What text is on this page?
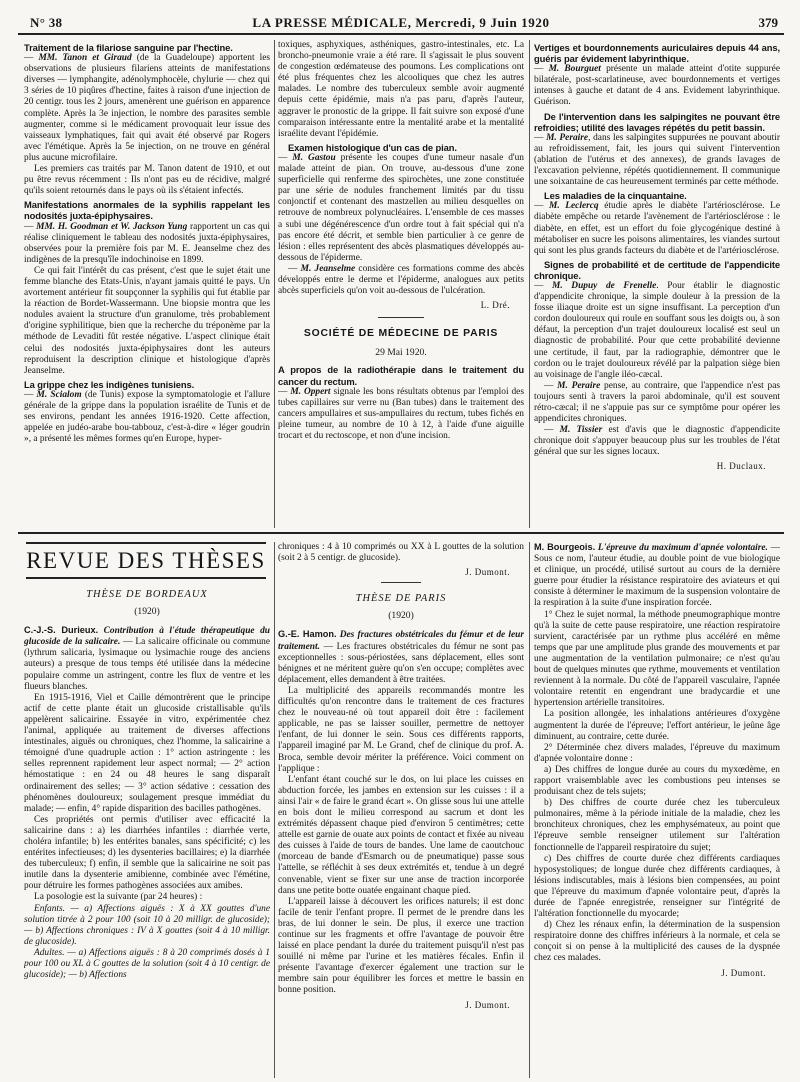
N° 38	LA PRESSE MÉDICALE, Mercredi, 9 Juin 1920	379

Traitement de la filariose sanguine par l'hectine.

— MM. Tanon et Giraud (de la Guadeloupe) apportent les observations de plusieurs filariens atteints de manifestations diverses — lymphangite, adénolymphocèle, chylurie — chez qui 3 séries de 10 piqûres d'hectine, faites à raison d'une injection de 20 centigr. tous les 2 jours, amenèrent une guérison en apparence complète. Après la 3e injection, le nombre des parasites semble augmenter, comme si le médicament provoquait leur issue des vaisseaux lymphatiques, fait qui avait été observé par Rogers avec l'émétique. Après la 5e injection, on ne trouve en général plus aucune microfilaire.

Les premiers cas traités par M. Tanon datent de 1910, et out pu être revus récemment : Ils n'ont pas eu de récidive, malgré qu'ils soient retournés dans le pays où ils s'étaient infectés.

Manifestations anormales de la syphilis rappelant les nodosités juxta-épiphysaires.

— MM. H. Goodman et W. Jackson Yung rapportent un cas qui réalise cliniquement le tableau des nodosités juxta-épiphysaires, observées pour la première fois par M. E. Jeanselme chez des indigènes de la presqu'île indochinoise en 1899.

Ce qui fait l'intérêt du cas présent, c'est que le sujet était une femme blanche des Etats-Unis, n'ayant jamais quitté le pays. Un avortement antérieur fit soupçonner la syphilis qui fut établie par la réaction de Bordet-Wassermann. Une biopsie montra que les nodules avaient la structure d'un granulome, très probablement d'origine syphilitique, bien que la recherche du tréponème par la méthode de Levaditi fût restée négative. L'aspect clinique était celui des nodosités juxta-épiphysaires dont les auteurs reproduisent la description clinique et histologique d'après Jeanselme.

La grippe chez les indigènes tunisiens.

— M. Scialom (de Tunis) expose la symptomatologie et l'allure générale de la grippe dans la population israélite de Tunis et de ses environs, pendant les années 1916-1920. Cette affection, appelée en judéo-arabe bou-tabbouz, c'est-à-dire « léger goudrin », a présenté les mêmes formes qu'en Europe, hyper-

toxiques, asphyxiques, asthéniques, gastro-intestinales, etc. La broncho-pneumonie vraie a été rare. Il s'agissait le plus souvent de congestion œdémateuse des poumons. Les complications ont été plus fréquentes chez les alcooliques que chez les autres malades. Le nombre des tuberculeux semble avoir augmenté depuis cette épidémie, mais n'a pas paru, d'après l'auteur, aggraver le pronostic de la grippe. Il fait suivre son exposé d'une comparaison intéressante entre la mentalité arabe et la mentalité israélite devant l'épidémie.

Examen histologique d'un cas de pian.

— M. Gastou présente les coupes d'une tumeur nasale d'un malade atteint de pian. On trouve, au-dessous d'une zone superficielle qui renferme des spirochètes, une zone constituée par une série de nodules franchement limités par du tissu conjonctif et contenant des mastzellen au milieu desquelles on retrouve de nombreux polynucléaires. L'ensemble de ces masses a subi une dégénérescence d'un ordre tout à fait spécial qui n'a pas encore été décrit, et semble bien particulier à ce genre de lésion : elles représentent des abcès plasmatiques développés au-dessous de l'épiderme.

— M. Jeanselme considère ces formations comme des abcès développés entre le derme et l'épiderme, analogues aux petits abcès superficiels qu'on voit au-dessous de l'ulcération.

L. Dré.

SOCIÉTÉ DE MÉDECINE DE PARIS

29 Mai 1920.

A propos de la radiothérapie dans le traitement du cancer du rectum.

— M. Oppert signale les bons résultats obtenus par l'emploi des tubes capillaires sur verre nu (Ban tubes) dans le traitement des cancers ampullaires et sus-ampullaires du rectum, tubes fichés en pleine tumeur, au nombre de 10 à 12, à l'aide d'une aiguille trocart et du rectoscope, et non d'une incision.

Vertiges et bourdonnements auriculaires depuis 44 ans, guéris par évidement labyrinthique.

— M. Bourguet présente un malade atteint d'otite suppurée bilatérale, post-scarlatineuse, avec bourdonnements et vertiges intenses à gauche et datant de 4 ans. Evidement labyrinthique. Guérison.

De l'intervention dans les salpingites ne pouvant être refroidies; utilité des lavages répétés du petit bassin.

— M. Peraire, dans les salpingites suppurées ne pouvant aboutir au refroidissement, fait, les jours qui suivent l'intervention (ablation de l'utérus et des annexes), de grands lavages de l'excavation pelvienne, répétés quotidiennement. Il communique une soixantaine de cas heureusement terminés par cette méthode.

Les maladies de la cinquantaine.

— M. Leclercq étudie après le diabète l'artériosclérose. Le diabète empêche ou retarde l'avènement de l'artériosclérose : le diabète, en effet, est un effort du foie glycogénique destiné à métaboliser en sucre les poisons alimentaires, les viandes surtout qui sont les plus grands facteurs du diabète et de l'artériosclérose.

Signes de probabilité et de certitude de l'appendicite chronique.

— M. Dupuy de Frenelle. Pour établir le diagnostic d'appendicite chronique, la simple douleur à la pression de la fosse iliaque droite est un signe insuffisant. La perception d'un cordon douloureux qui roule en souffant sous les doigts ou, à son défaut, la perception d'un trajet douloureux localisé est seul un diagnostic de probabilité. Pour que cette probabilité devienne une certitude, il faut, par la radiographie, démontrer que le cordon ou le trajet douloureux révélé par la palpation siège bien au voisinage de l'angle iléo-cæcal.

— M. Peraire pense, au contraire, que l'appendice n'est pas toujours senti à travers la paroi abdominale, qu'il est souvent rétro-cæcal; il ne s'appuie pas sur ce symptôme pour opérer les appendicites chroniques.

— M. Tissier est d'avis que le diagnostic d'appendicite chronique doit s'appuyer beaucoup plus sur les troubles de l'état général que sur les signes locaux.

H. Duclaux.

REVUE DES THÈSES

THÈSE DE BORDEAUX

(1920)

C.-J.-S. Durieux. Contribution à l'étude thérapeutique du glucoside de la salicaire. — La salicaire officinale ou commune (lythrum salicaria, lysimaque ou lysimachie rouge des anciens auteurs) a presque de tous temps été utilisée dans la médecine populaire comme un astringent, contre les flux de ventre et les flueurs blanches.

En 1915-1916, Viel et Caille démontrèrent que le principe actif de cette plante était un glucoside cristallisable qu'ils appelèrent salicairine. Essayée in vitro, expérimentée chez l'animal, appliquée au traitement de diverses affections intestinales, aiguës ou chroniques, chez l'homme, la salicairine a témoigné d'une quadruple action : 1° action astringente : les selles reprennent rapidement leur aspect normal; — 2° action hémostatique : en 24 ou 48 heures le sang disparaît ordinairement des selles; — 3° action sédative : cessation des phénomènes douloureux; soulagement presque immédiat du malade; — enfin, 4° rapide disparition des bacilles pathogènes.

Ces propriétés ont permis d'utiliser avec efficacité la salicairine dans : a) les diarrhées infantiles : diarrhée verte, choléra infantile; b) les entérites banales, sans spécificité; c) les entérites infectieuses; d) les dysenteries bacillaires; e) la diarrhée des tuberculeux; f) enfin, il semble que la salicairine ne soit pas inutile dans la dysenterie amibienne, combinée avec l'émétine, pour détruire les formes pathogènes associées aux amibes.

La posologie est la suivante (par 24 heures) :

Enfants. — a) Affections aiguës : X à XX gouttes d'une solution titrée à 2 pour 100 (soit 10 à 20 milligr. de glucoside); — b) Affections chroniques : IV à X gouttes (soit 4 à 10 milligr. de glucoside).

Adultes. — a) Affections aiguës : 8 à 20 comprimés dosés à 1 pour 100 ou XL à C gouttes de la solution (soit 4 à 10 centigr. de glucoside); — b) Affections

chroniques : 4 à 10 comprimés ou XX à L gouttes de la solution (soit 2 à 5 centigr. de glucoside).

J. Dumont.

THÈSE DE PARIS

(1920)

G.-E. Hamon. Des fractures obstétricales du fémur et de leur traitement. — Les fractures obstétricales du fémur ne sont pas exceptionnelles : sous-périostées, sans déplacement, elles sont bénignes et ne méritent guère qu'on s'en occupe; complètes avec déplacement, elles demandent à être traitées.

La multiplicité des appareils recommandés montre les difficultés qu'on rencontre dans le traitement de ces fractures chez le nouveau-né où tout appareil doit être : facilement applicable, ne pas se laisser souiller, permettre de nettoyer l'enfant, de lui donner le sein. Sous ces différents rapports, l'appareil imaginé par M. Le Grand, chef de clinique du prof. A. Broca, semble devoir mériter la préférence. Voici comment on l'applique :

L'enfant étant couché sur le dos, on lui place les cuisses en abduction forcée, les jambes en extension sur les cuisses : il a ainsi l'air « de faire le grand écart ». On glisse sous lui une attelle en bois dont le milieu correspond au sacrum et dont les extrémités dépassent chaque pied d'environ 5 centimètres; cette attelle est garnie de ouate aux points de contact et fixée au niveau des cuisses à l'aide de tours de bandes. Une lame de caoutchouc (morceau de bande d'Esmarch ou de pneumatique) passe sous l'attelle, se réfléchit à ses deux extrémités et, tendue à un degré convenable, vient se fixer sur une anse de traction incorporée dans une petite botte ouatée engainant chaque pied.

L'appareil laisse à découvert les orifices naturels; il est donc facile de tenir l'enfant propre. Il permet de le prendre dans les bras, de lui donner le sein. De plus, il exerce une traction continue sur les fragments et offre l'avantage de pouvoir être laissé en place pendant la durée du traitement puisqu'il n'est pas souillé ni même par l'urine et les matières fécales. Enfin il présente l'avantage d'exercer également une traction sur le membre sain pour équilibrer les forces et mettre le bassin en bonne position.

J. Dumont.

M. Bourgeois. L'épreuve du maximum d'apnée volontaire. — Sous ce nom, l'auteur étudie, au double point de vue biologique et clinique, un procédé, utilisé surtout au cours de la dernière guerre pour étudier la résistance respiratoire des aviateurs et qui consiste à déterminer le maximum de la suspension volontaire de la respiration à la suite d'une inspiration forcée.

1° Chez le sujet normal, la méthode pneumographique montre qu'à la suite de cette pause respiratoire, une réaction respiratoire survient, caractérisée par un rythme plus accéléré en même temps que par une amplitude plus grande des mouvements et par une augmentation de la ventilation pulmonaire; ce n'est qu'au bout de quelques minutes que rythme, mouvements et ventilation reviennent à la normale. Du côté de l'appareil vasculaire, l'apnée volontaire retentit en engendrant une bradycardie et une hypertension artérielle transitoires.

La position allongée, les inhalations antérieures d'oxygène augmentent la durée de l'épreuve; l'effort antérieur, le jeûne âge diminuent, au contraire, cette durée.

2° Déterminée chez divers malades, l'épreuve du maximum d'apnée volontaire donne :

a) Des chiffres de longue durée au cours du myxœdème, en rapport vraisemblable avec les combustions peu intenses se produisant chez de tels sujets;

b) Des chiffres de courte durée chez les tuberculeux pulmonaires, même à la période initiale de la maladie, chez les bronchiteux chroniques, chez les emphysémateux, au point que l'épreuve semble renseigner utilement sur l'altération fonctionnelle de l'appareil respiratoire du sujet;

c) Des chiffres de courte durée chez différents cardiaques hyposystoliques; de longue durée chez différents cardiaques, à lésions indiscutables, mais à lésions bien compensées, au point que l'épreuve du maximum d'apnée volontaire peut, d'après la durée de l'apnée enregistrée, renseigner sur l'intégrité de l'altération fonctionnelle du myocarde;

d) Chez les rénaux enfin, la détermination de la suspension respiratoire donne des chiffres inférieurs à la normale, et cela se conçoit si on pense à la multiplicité des causes de la dyspnée chez ces malades.

J. Dumont.
